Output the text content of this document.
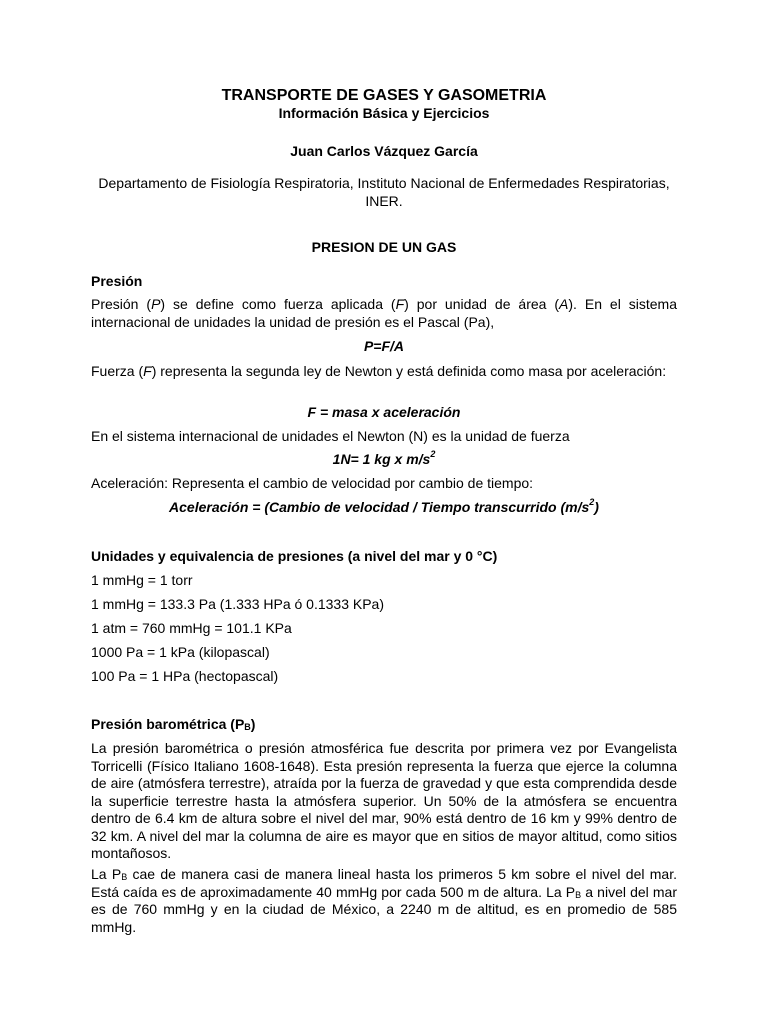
TRANSPORTE DE GASES Y GASOMETRIA

Información Básica y Ejercicios

Juan Carlos Vázquez García
Departamento de Fisiología Respiratoria, Instituto Nacional de Enfermedades Respiratorias, INER.
PRESION DE UN GAS
Presión

Presión (P) se define como fuerza aplicada (F) por unidad de área (A). En el sistema internacional de unidades la unidad de presión es el Pascal (Pa),

P=F/A

Fuerza (F) representa la segunda ley de Newton y está definida como masa por aceleración:

F = masa x aceleración
En el sistema internacional de unidades el Newton (N) es la unidad de fuerza
1N= 1 kg x $m/s^2$
Aceleración: Representa el cambio de velocidad por cambio de tiempo:
Aceleración = (Cambio de velocidad / Tiempo transcurrido $(m/s^2)$
Unidades y equivalencia de presiones (a nivel del mar y 0 °C)
1 mmHg = 1 torr
1 mmHg = 133.3 Pa (1.333 HPa ó 0.1333 KPa)
1 atm = 760 mmHg = 101.1 KPa
1000 Pa = 1 kPa (kilopascal)
100 Pa = 1 HPa (hectopascal)
Presión barométrica $(P_B)$

La presión barométrica o presión atmosférica fue descrita por primera vez por Evangelista Torricelli (Físico Italiano 1608-1648). Esta presión representa la fuerza que ejerce la columna de aire (atmósfera terrestre), atraída por la fuerza de gravedad y que esta comprendida desde la superficie terrestre hasta la atmósfera superior. Un 50% de la atmósfera se encuentra dentro de 6.4 km de altura sobre el nivel del mar, 90% está dentro de 16 km y 99% dentro de 32 km. A nivel del mar la columna de aire es mayor que en sitios de mayor altitud, como sitios montañosos.

La $P_B$ cae de manera casi de manera lineal hasta los primeros 5 km sobre el nivel del mar. Está caída es de aproximadamente 40 mmHg por cada 500 m de altura. La $P_B$ a nivel del mar es de 760 mmHg y en la ciudad de México, a 2240 m de altitud, es en promedio de 585 mmHg.
